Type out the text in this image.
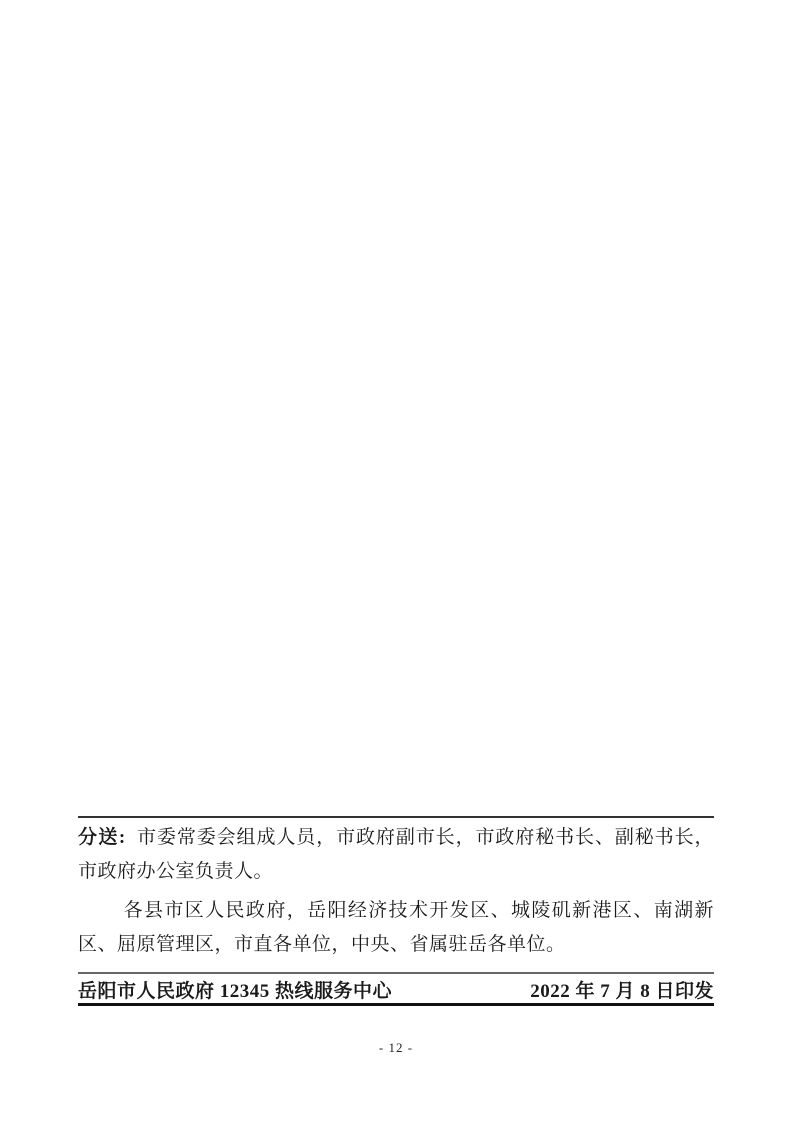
分送: 市委常委会组成人员，市政府副市长，市政府秘书长、副秘书长，市政府办公室负责人。

各县市区人民政府，岳阳经济技术开发区、城陵矶新港区、南湖新区、屈原管理区，市直各单位，中央、省属驻岳各单位。

岳阳市人民政府 12345 热线服务中心	2022 年 7 月 8 日印发
- 12 -
